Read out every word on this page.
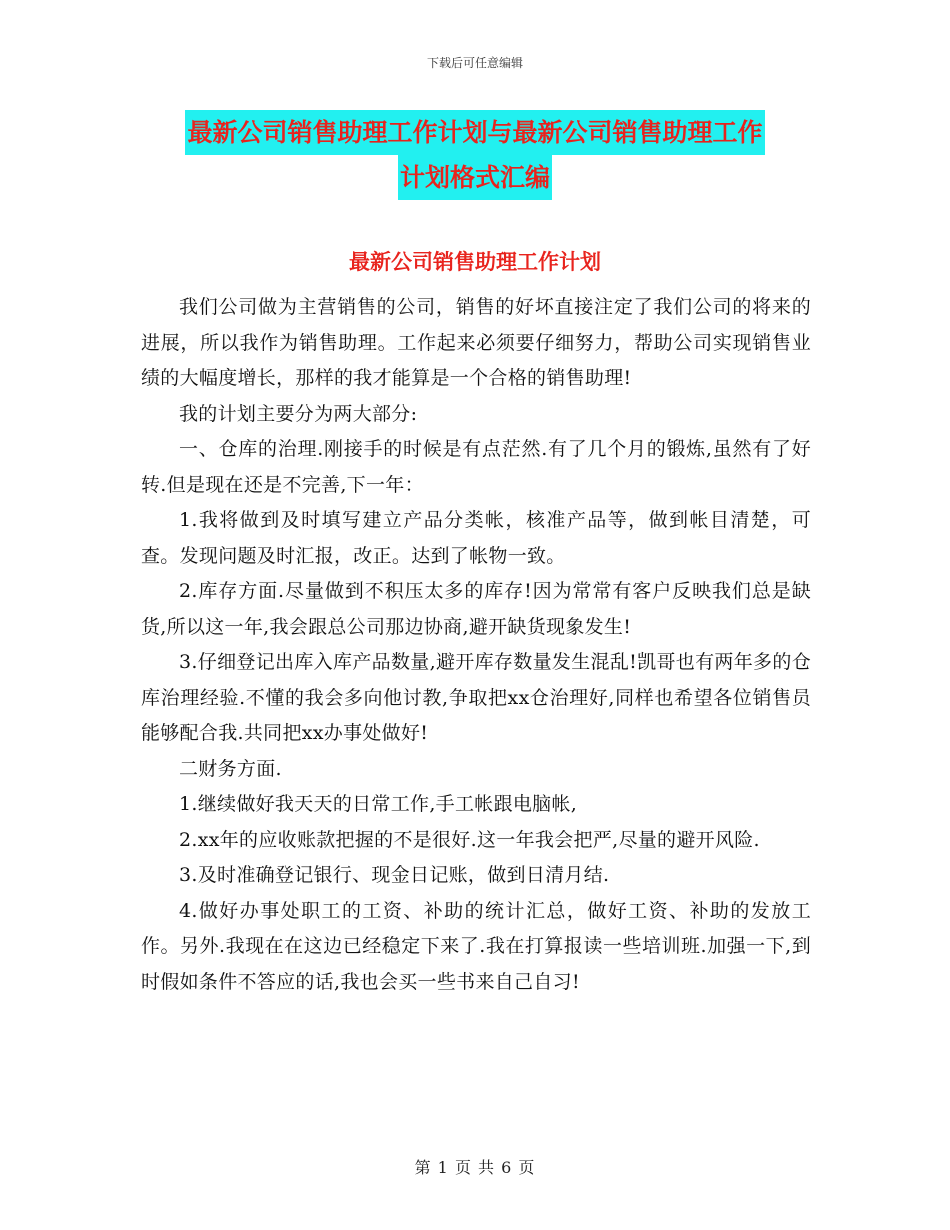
下载后可任意编辑
最新公司销售助理工作计划与最新公司销售助理工作
计划格式汇编
最新公司销售助理工作计划

我们公司做为主营销售的公司，销售的好坏直接注定了我们公司的将来的进展，所以我作为销售助理。工作起来必须要仔细努力，帮助公司实现销售业绩的大幅度增长，那样的我才能算是一个合格的销售助理!

我的计划主要分为两大部分:

一、仓库的治理.刚接手的时候是有点茫然.有了几个月的锻炼,虽然有了好转.但是现在还是不完善,下一年：

1.我将做到及时填写建立产品分类帐，核准产品等，做到帐目清楚，可查。发现问题及时汇报，改正。达到了帐物一致。

2.库存方面.尽量做到不积压太多的库存!因为常常有客户反映我们总是缺货,所以这一年,我会跟总公司那边协商,避开缺货现象发生!

3.仔细登记出库入库产品数量,避开库存数量发生混乱!凯哥也有两年多的仓库治理经验.不懂的我会多向他讨教,争取把xx仓治理好,同样也希望各位销售员能够配合我.共同把xx办事处做好!

二财务方面.

1.继续做好我天天的日常工作,手工帐跟电脑帐,

2.xx年的应收账款把握的不是很好.这一年我会把严,尽量的避开风险.

3.及时准确登记银行、现金日记账，做到日清月结.

4.做好办事处职工的工资、补助的统计汇总，做好工资、补助的发放工作。另外.我现在在这边已经稳定下来了.我在打算报读一些培训班.加强一下,到时假如条件不答应的话,我也会买一些书来自己自习!

第 1 页 共 6 页
